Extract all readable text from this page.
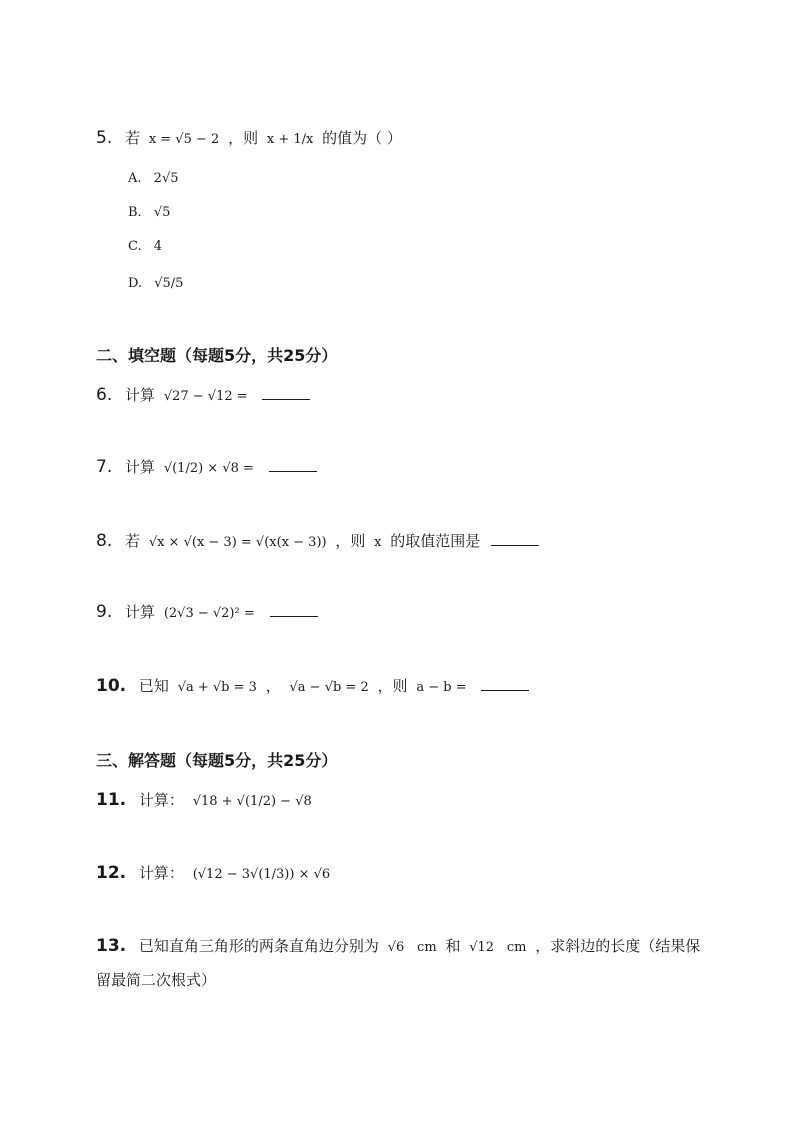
5. 若 x = √5 − 2 ，则 x + 1/x 的值为（ ）
A. 2√5
B. √5
C. 4
D. √5/5
二、填空题（每题5分，共25分）
6. 计算 √27 − √12 =
7. 计算 √(1/2) × √8 =
8. 若 √x × √(x − 3) = √(x(x − 3)) ，则 x 的取值范围是
9. 计算 (2√3 − √2)² =
10. 已知 √a + √b = 3 ， √a − √b = 2 ，则 a − b =
三、解答题（每题5分，共25分）
11. 计算： √18 + √(1/2) − √8
12. 计算： (√12 − 3√(1/3)) × √6
13. 已知直角三角形的两条直角边分别为 √6 cm 和 √12 cm ，求斜边的长度（结果保
留最简二次根式）
